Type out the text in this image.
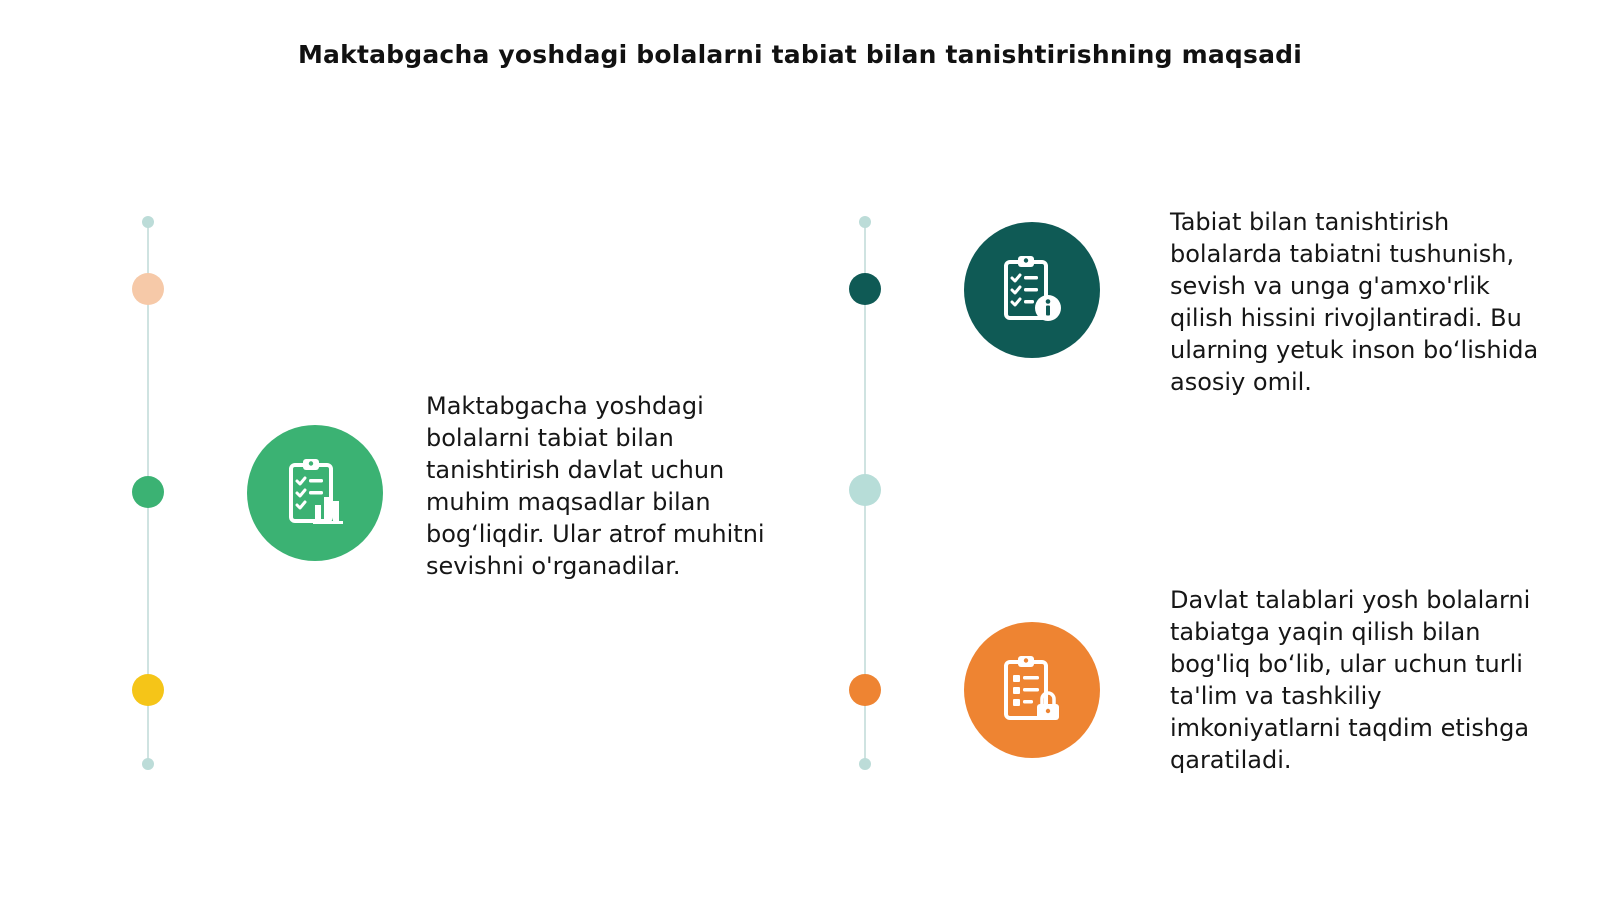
Maktabgacha yoshdagi bolalarni tabiat bilan tanishtirishning maqsadi
Maktabgacha yoshdagi bolalarni tabiat bilan tanishtirish davlat uchun muhim maqsadlar bilan bog‘liqdir. Ular atrof muhitni sevishni o'rganadilar.
Tabiat bilan tanishtirish bolalarda tabiatni tushunish, sevish va unga g'amxo'rlik qilish hissini rivojlantiradi. Bu ularning yetuk inson bo‘lishida asosiy omil.
Davlat talablari yosh bolalarni tabiatga yaqin qilish bilan bog'liq bo‘lib, ular uchun turli ta'lim va tashkiliy imkoniyatlarni taqdim etishga qaratiladi.
